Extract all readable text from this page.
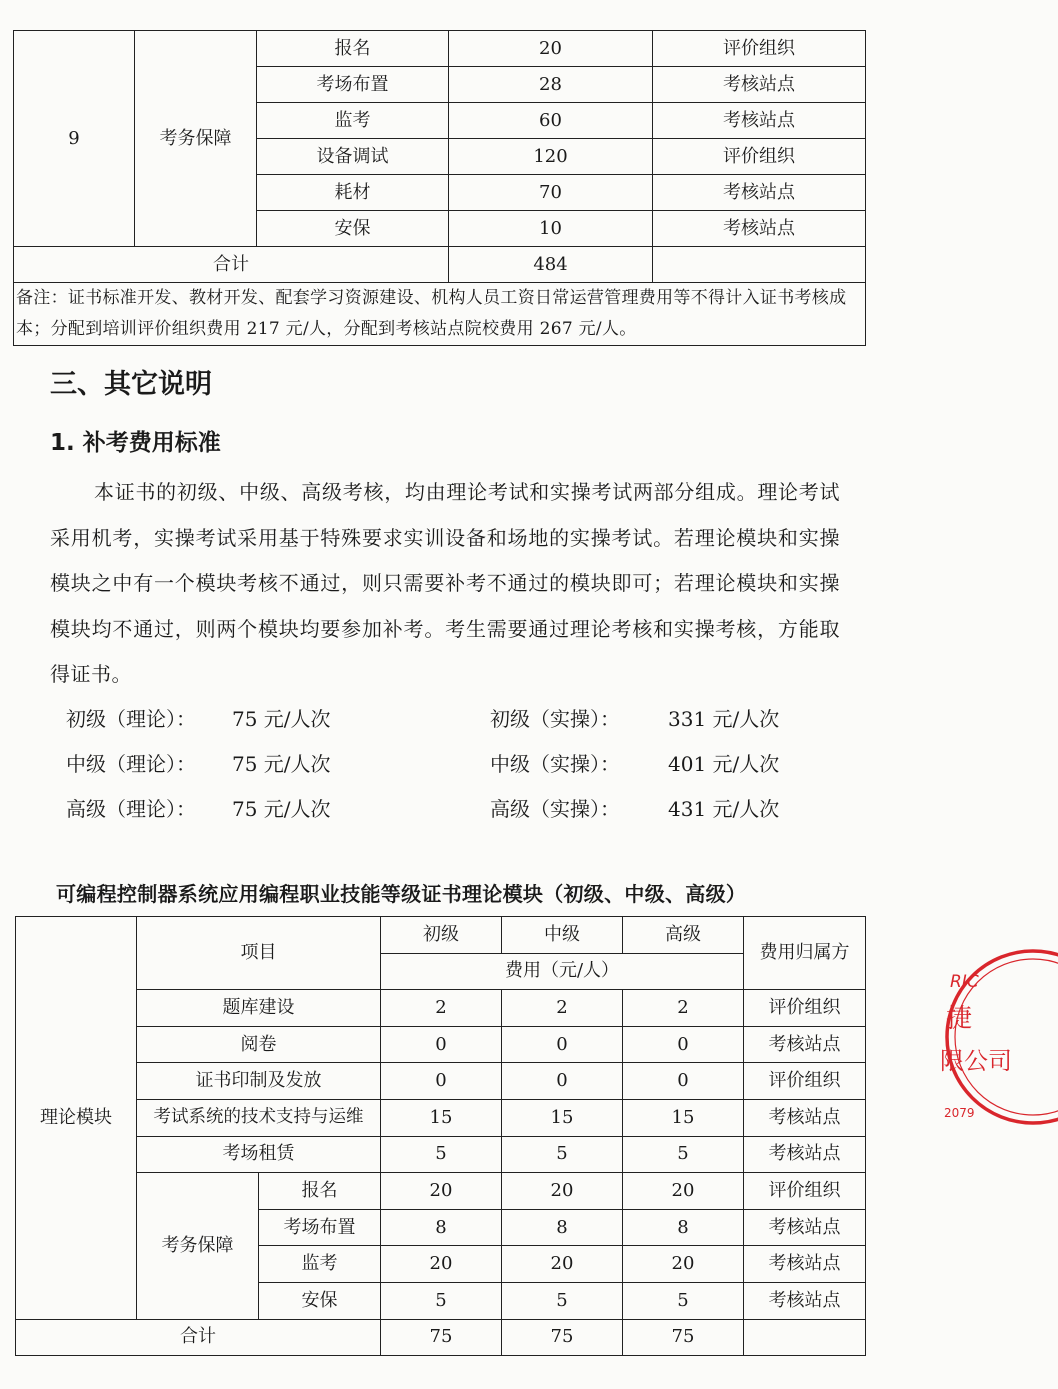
9	考务保障	报名	20	评价组织
		考场布置	28	考核站点
		监考	60	考核站点
		设备调试	120	评价组织
		耗材	70	考核站点
		安保	10	考核站点
合计			484	
备注：证书标准开发、教材开发、配套学习资源建设、机构人员工资日常运营管理费用等不得计入证书考核成本；分配到培训评价组织费用 217 元/人，分配到考核站点院校费用 267 元/人。				
三、其它说明
1. 补考费用标准

本证书的初级、中级、高级考核，均由理论考试和实操考试两部分组成。理论考试采用机考，实操考试采用基于特殊要求实训设备和场地的实操考试。若理论模块和实操模块之中有一个模块考核不通过，则只需要补考不通过的模块即可；若理论模块和实操模块均不通过，则两个模块均要参加补考。考生需要通过理论考核和实操考核，方能取得证书。

初级（理论）： 75 元/人次	初级（实操）： 331 元/人次
中级（理论）： 75 元/人次	中级（实操）： 401 元/人次
高级（理论）： 75 元/人次	高级（实操）： 431 元/人次
可编程控制器系统应用编程职业技能等级证书理论模块（初级、中级、高级）
理论模块	项目		初级	中级	高级	费用归属方
			费用（元/人）			
	题库建设		2	2	2	评价组织
	阅卷		0	0	0	考核站点
	证书印制及发放		0	0	0	评价组织
	考试系统的技术支持与运维		15	15	15	考核站点
	考场租赁		5	5	5	考核站点
	考务保障	报名	20	20	20	评价组织
		考场布置	8	8	8	考核站点
		监考	20	20	20	考核站点
		安保	5	5	5	考核站点
合计			75	75	75	
RIC
捷
限公司
2079
